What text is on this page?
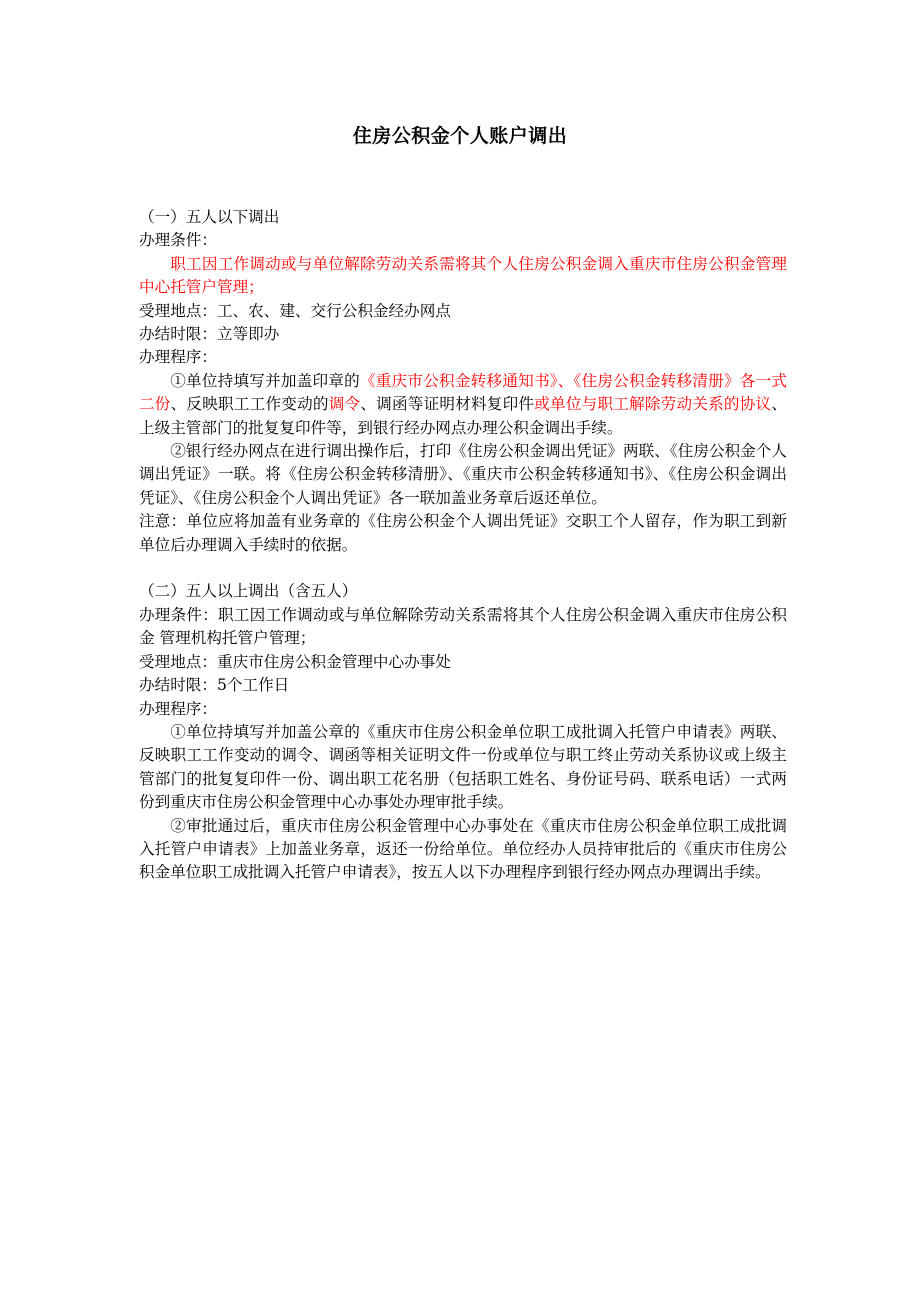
住房公积金个人账户调出

（一）五人以下调出

办理条件：

职工因工作调动或与单位解除劳动关系需将其个人住房公积金调入重庆市住房公积金管理中心托管户管理；

受理地点：工、农、建、交行公积金经办网点

办结时限：立等即办

办理程序：

①单位持填写并加盖印章的《重庆市公积金转移通知书》、《住房公积金转移清册》各一式二份、反映职工工作变动的调令、调函等证明材料复印件或单位与职工解除劳动关系的协议、上级主管部门的批复复印件等，到银行经办网点办理公积金调出手续。

②银行经办网点在进行调出操作后，打印《住房公积金调出凭证》两联、《住房公积金个人调出凭证》一联。将《住房公积金转移清册》、《重庆市公积金转移通知书》、《住房公积金调出凭证》、《住房公积金个人调出凭证》各一联加盖业务章后返还单位。

注意：单位应将加盖有业务章的《住房公积金个人调出凭证》交职工个人留存，作为职工到新单位后办理调入手续时的依据。

（二）五人以上调出（含五人）

办理条件：职工因工作调动或与单位解除劳动关系需将其个人住房公积金调入重庆市住房公积金 管理机构托管户管理；

受理地点：重庆市住房公积金管理中心办事处

办结时限：5个工作日

办理程序：

①单位持填写并加盖公章的《重庆市住房公积金单位职工成批调入托管户申请表》两联、反映职工工作变动的调令、调函等相关证明文件一份或单位与职工终止劳动关系协议或上级主管部门的批复复印件一份、调出职工花名册（包括职工姓名、身份证号码、联系电话）一式两份到重庆市住房公积金管理中心办事处办理审批手续。

②审批通过后，重庆市住房公积金管理中心办事处在《重庆市住房公积金单位职工成批调入托管户申请表》上加盖业务章，返还一份给单位。单位经办人员持审批后的《重庆市住房公积金单位职工成批调入托管户申请表》，按五人以下办理程序到银行经办网点办理调出手续。
